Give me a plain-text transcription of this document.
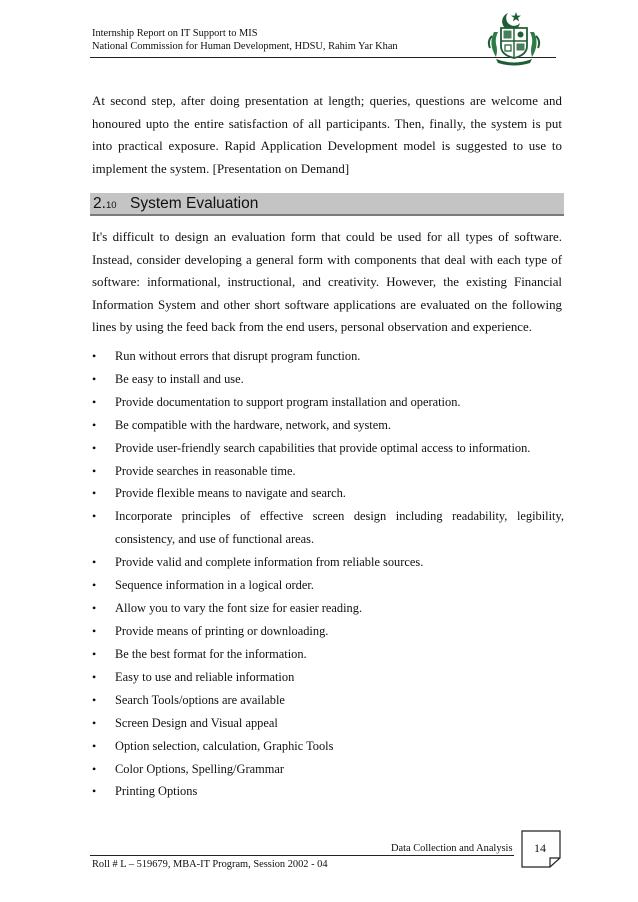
Internship Report on IT Support to MIS
National Commission for Human Development, HDSU, Rahim Yar Khan

At second step, after doing presentation at length; queries, questions are welcome and honoured upto the entire satisfaction of all participants. Then, finally, the system is put into practical exposure. Rapid Application Development model is suggested to use to implement the system. [Presentation on Demand]

2.10 System Evaluation

It's difficult to design an evaluation form that could be used for all types of software. Instead, consider developing a general form with components that deal with each type of software: informational, instructional, and creativity. However, the existing Financial Information System and other short software applications are evaluated on the following lines by using the feed back from the end users, personal observation and experience.

• Run without errors that disrupt program function.
• Be easy to install and use.
• Provide documentation to support program installation and operation.
• Be compatible with the hardware, network, and system.
• Provide user-friendly search capabilities that provide optimal access to information.
• Provide searches in reasonable time.
• Provide flexible means to navigate and search.
• Incorporate principles of effective screen design including readability, legibility, consistency, and use of functional areas.
• Provide valid and complete information from reliable sources.
• Sequence information in a logical order.
• Allow you to vary the font size for easier reading.
• Provide means of printing or downloading.
• Be the best format for the information.
• Easy to use and reliable information
• Search Tools/options are available
• Screen Design and Visual appeal
• Option selection, calculation, Graphic Tools
• Color Options, Spelling/Grammar
• Printing Options
Data Collection and Analysis
Roll # L – 519679, MBA-IT Program, Session 2002 - 04
14
